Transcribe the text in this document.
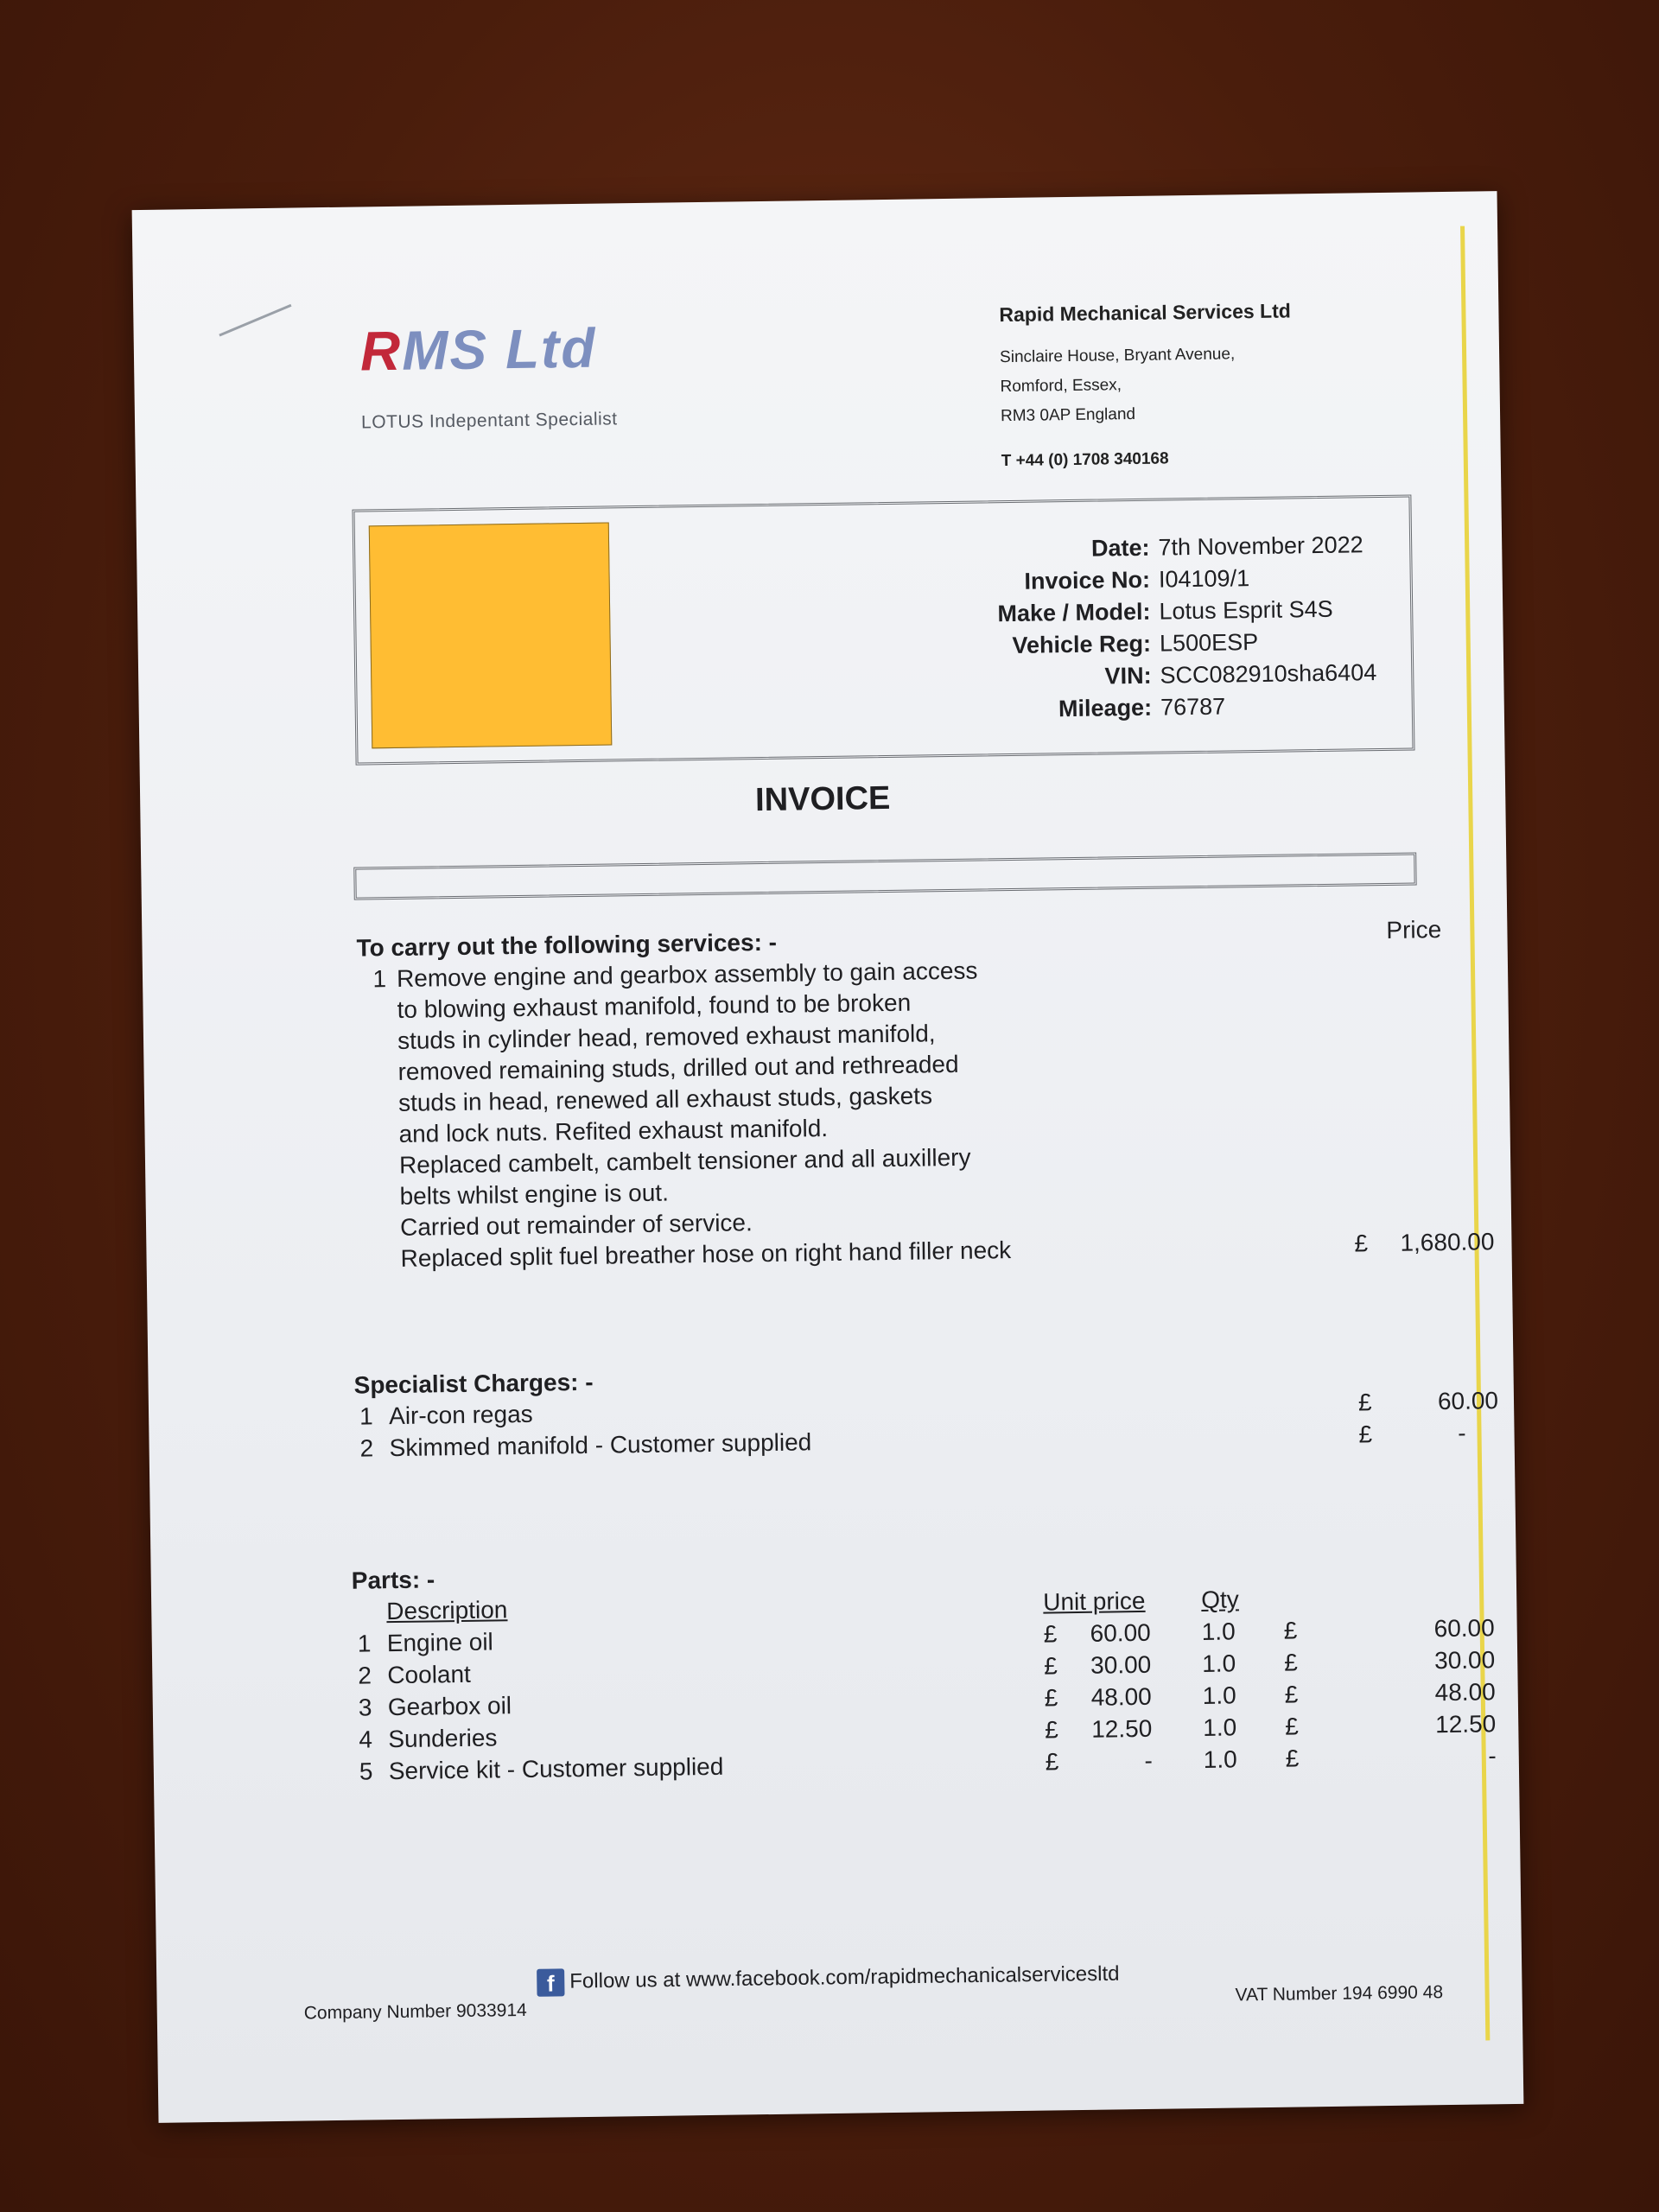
RMS Ltd
LOTUS Indepentant Specialist
Rapid Mechanical Services Ltd
Sinclaire House, Bryant Avenue,
Romford, Essex,
RM3 0AP England
T +44 (0) 1708 340168
Date: 7th November 2022
Invoice No: I04109/1
Make / Model: Lotus Esprit S4S
Vehicle Reg: L500ESP
VIN: SCC082910sha6404
Mileage: 76787
INVOICE
To carry out the following services: -
1 Remove engine and gearbox assembly to gain access
to blowing exhaust manifold, found to be broken
studs in cylinder head, removed exhaust manifold,
removed remaining studs, drilled out and rethreaded
studs in head, renewed all exhaust studs, gaskets
and lock nuts. Refited exhaust manifold.
Replaced cambelt, cambelt tensioner and all auxillery
belts whilst engine is out.
Carried out remainder of service.
Replaced split fuel breather hose on right hand filler neck
Price
£	1,680.00
Specialist Charges: -
1 Air-con regas	£	60.00
2 Skimmed manifold - Customer supplied	£	-
Parts: -
Description	Unit price Qty
1 Engine oil	£	60.00 1.0 £	60.00
2 Coolant	£	30.00 1.0 £	30.00
3 Gearbox oil	£	48.00 1.0 £	48.00
4 Sunderies	£	12.50 1.0 £	12.50
5 Service kit - Customer supplied	£	- 1.0 £	-
f Follow us at www.facebook.com/rapidmechanicalservicesltd
Company Number 9033914
VAT Number 194 6990 48
